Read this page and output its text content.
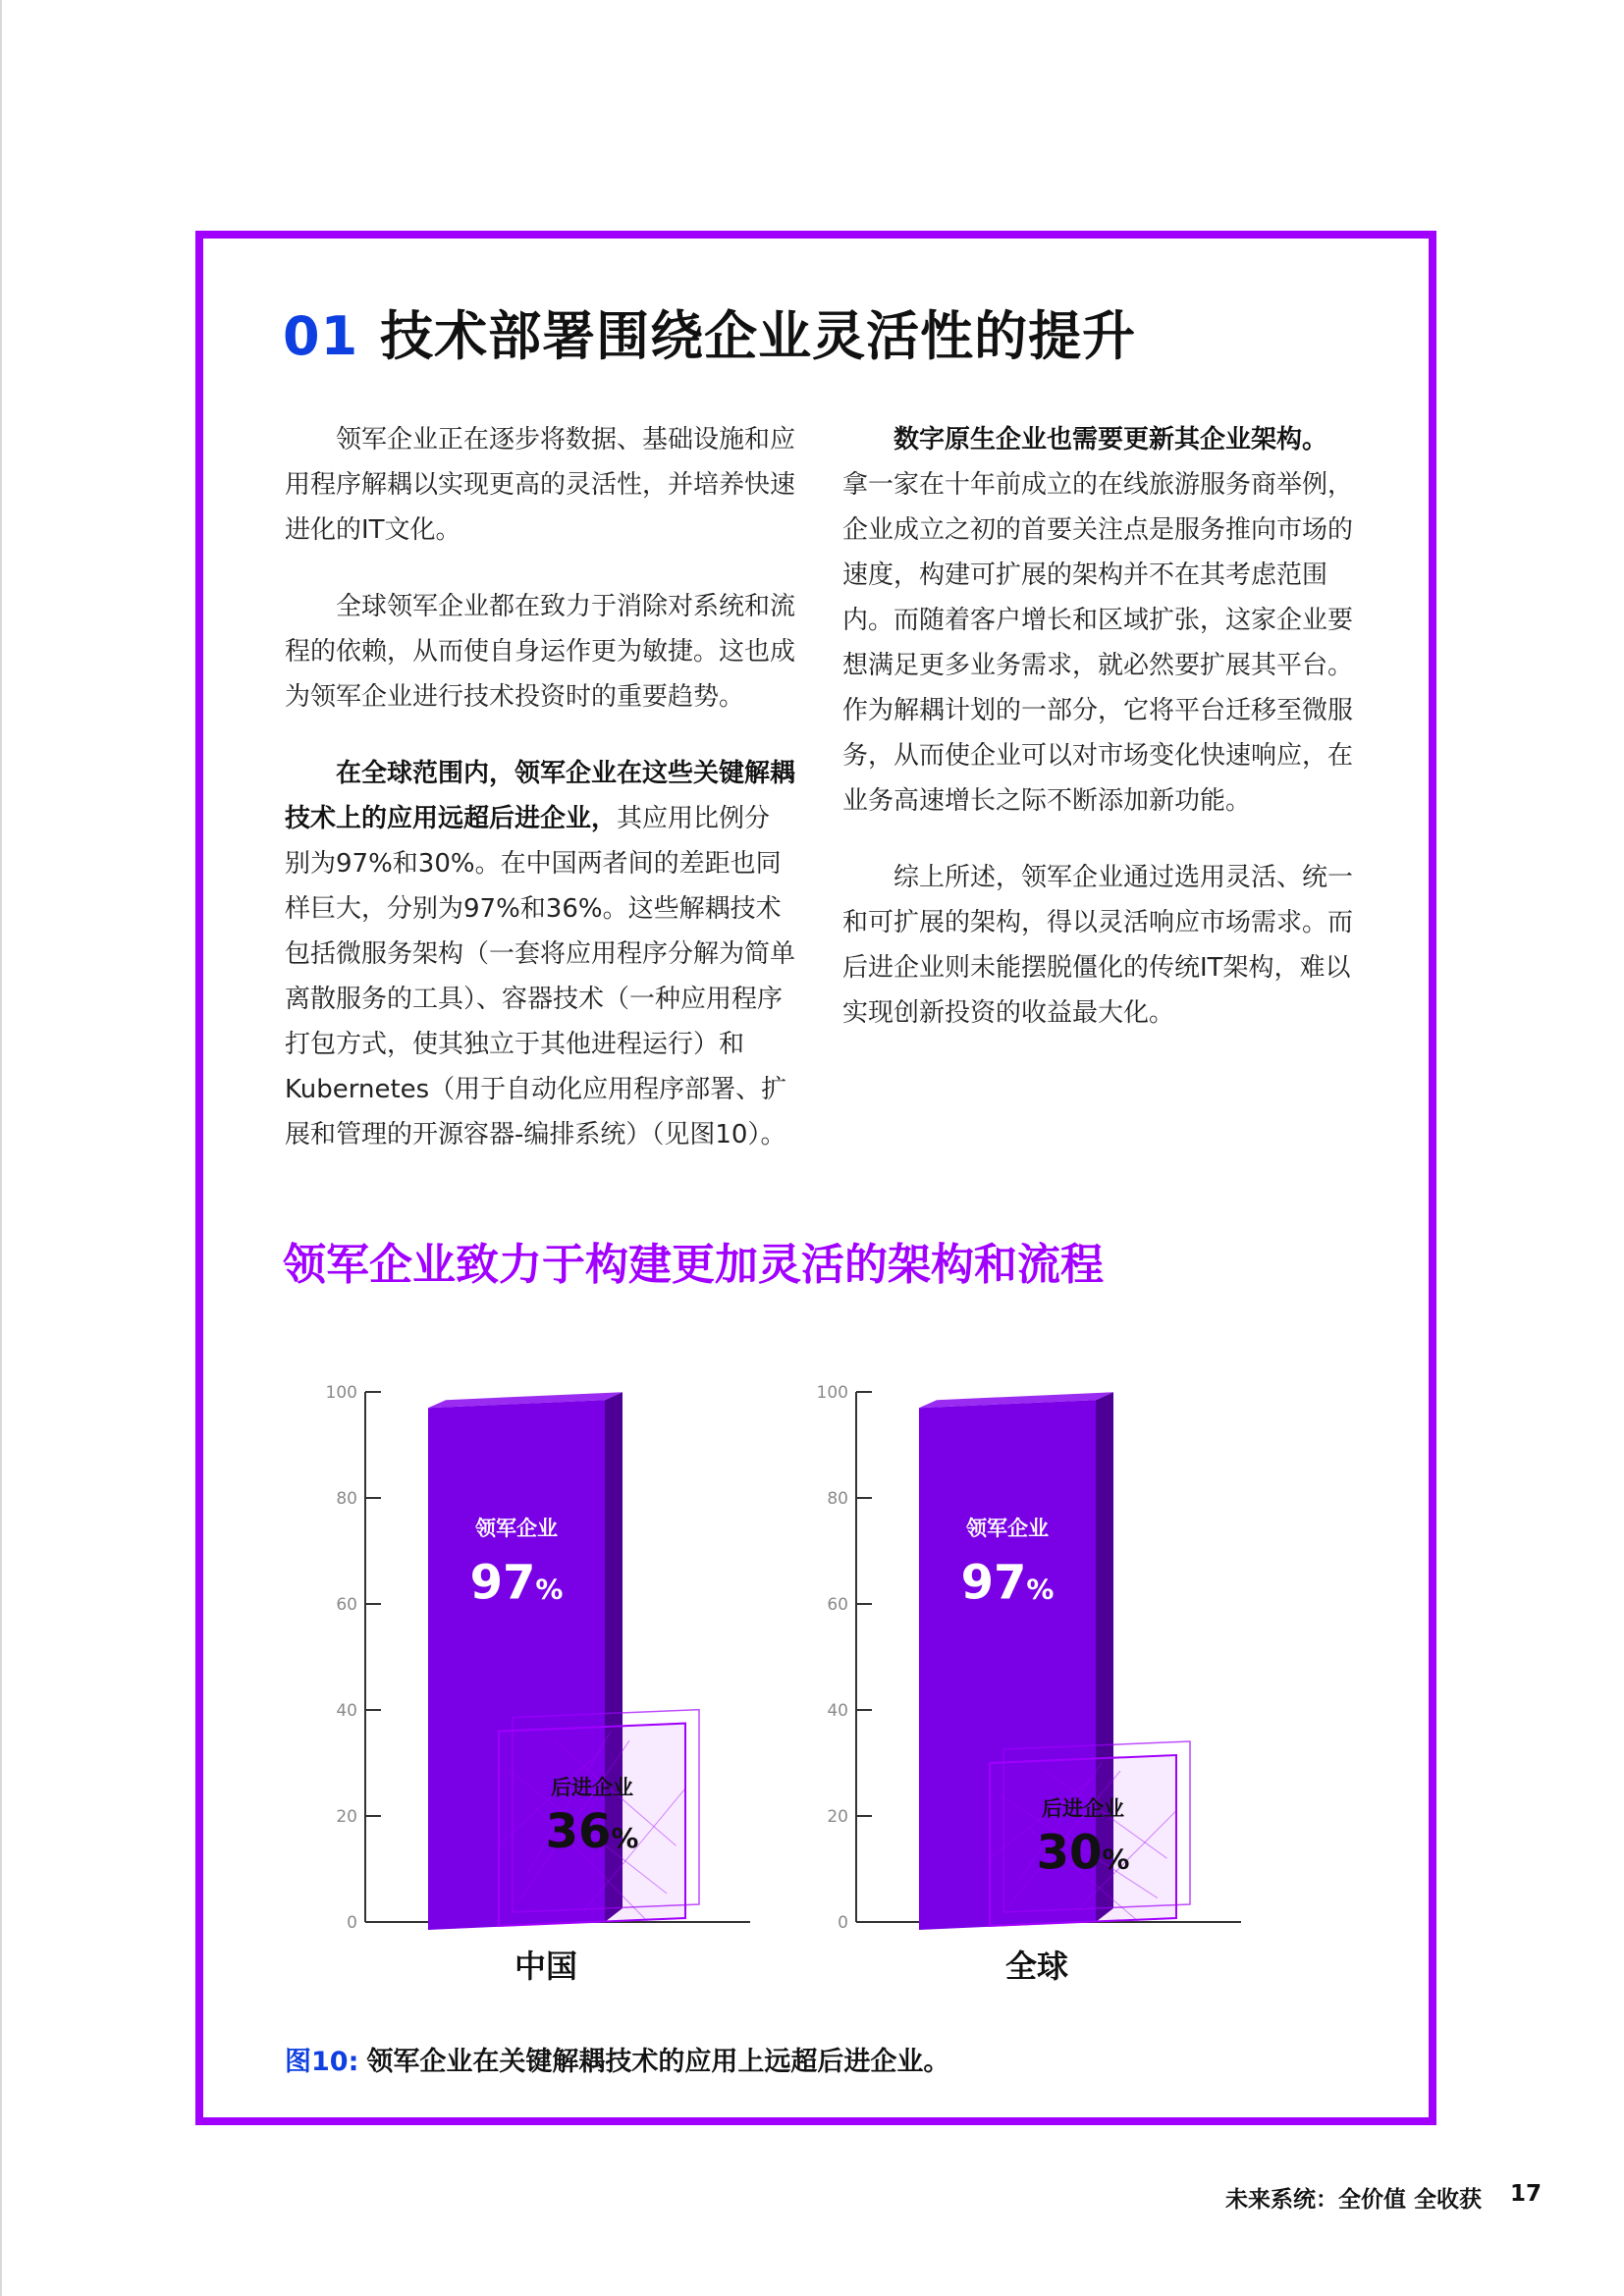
01 技术部署围绕企业灵活性的提升

领军企业正在逐步将数据、基础设施和应用程序解耦以实现更高的灵活性，并培养快速进化的IT文化。

全球领军企业都在致力于消除对系统和流程的依赖，从而使自身运作更为敏捷。这也成为领军企业进行技术投资时的重要趋势。

在全球范围内，领军企业在这些关键解耦技术上的应用远超后进企业，其应用比例分别为97%和30%。在中国两者间的差距也同样巨大，分别为97%和36%。这些解耦技术包括微服务架构（一套将应用程序分解为简单离散服务的工具）、容器技术（一种应用程序打包方式，使其独立于其他进程运行）和Kubernetes（用于自动化应用程序部署、扩展和管理的开源容器-编排系统）（见图10）。

数字原生企业也需要更新其企业架构。拿一家在十年前成立的在线旅游服务商举例，企业成立之初的首要关注点是服务推向市场的速度，构建可扩展的架构并不在其考虑范围内。而随着客户增长和区域扩张，这家企业要想满足更多业务需求，就必然要扩展其平台。作为解耦计划的一部分，它将平台迁移至微服务，从而使企业可以对市场变化快速响应，在业务高速增长之际不断添加新功能。

综上所述，领军企业通过选用灵活、统一和可扩展的架构，得以灵活响应市场需求。而后进企业则未能摆脱僵化的传统IT架构，难以实现创新投资的收益最大化。

领军企业致力于构建更加灵活的架构和流程
0
20
40
60
80
100
领军企业
97%
后进企业
36%
中国
0
20
40
60
80
100
领军企业
97%
后进企业
30%
全球
图10: 领军企业在关键解耦技术的应用上远超后进企业。
未来系统：全价值 全收获 17
